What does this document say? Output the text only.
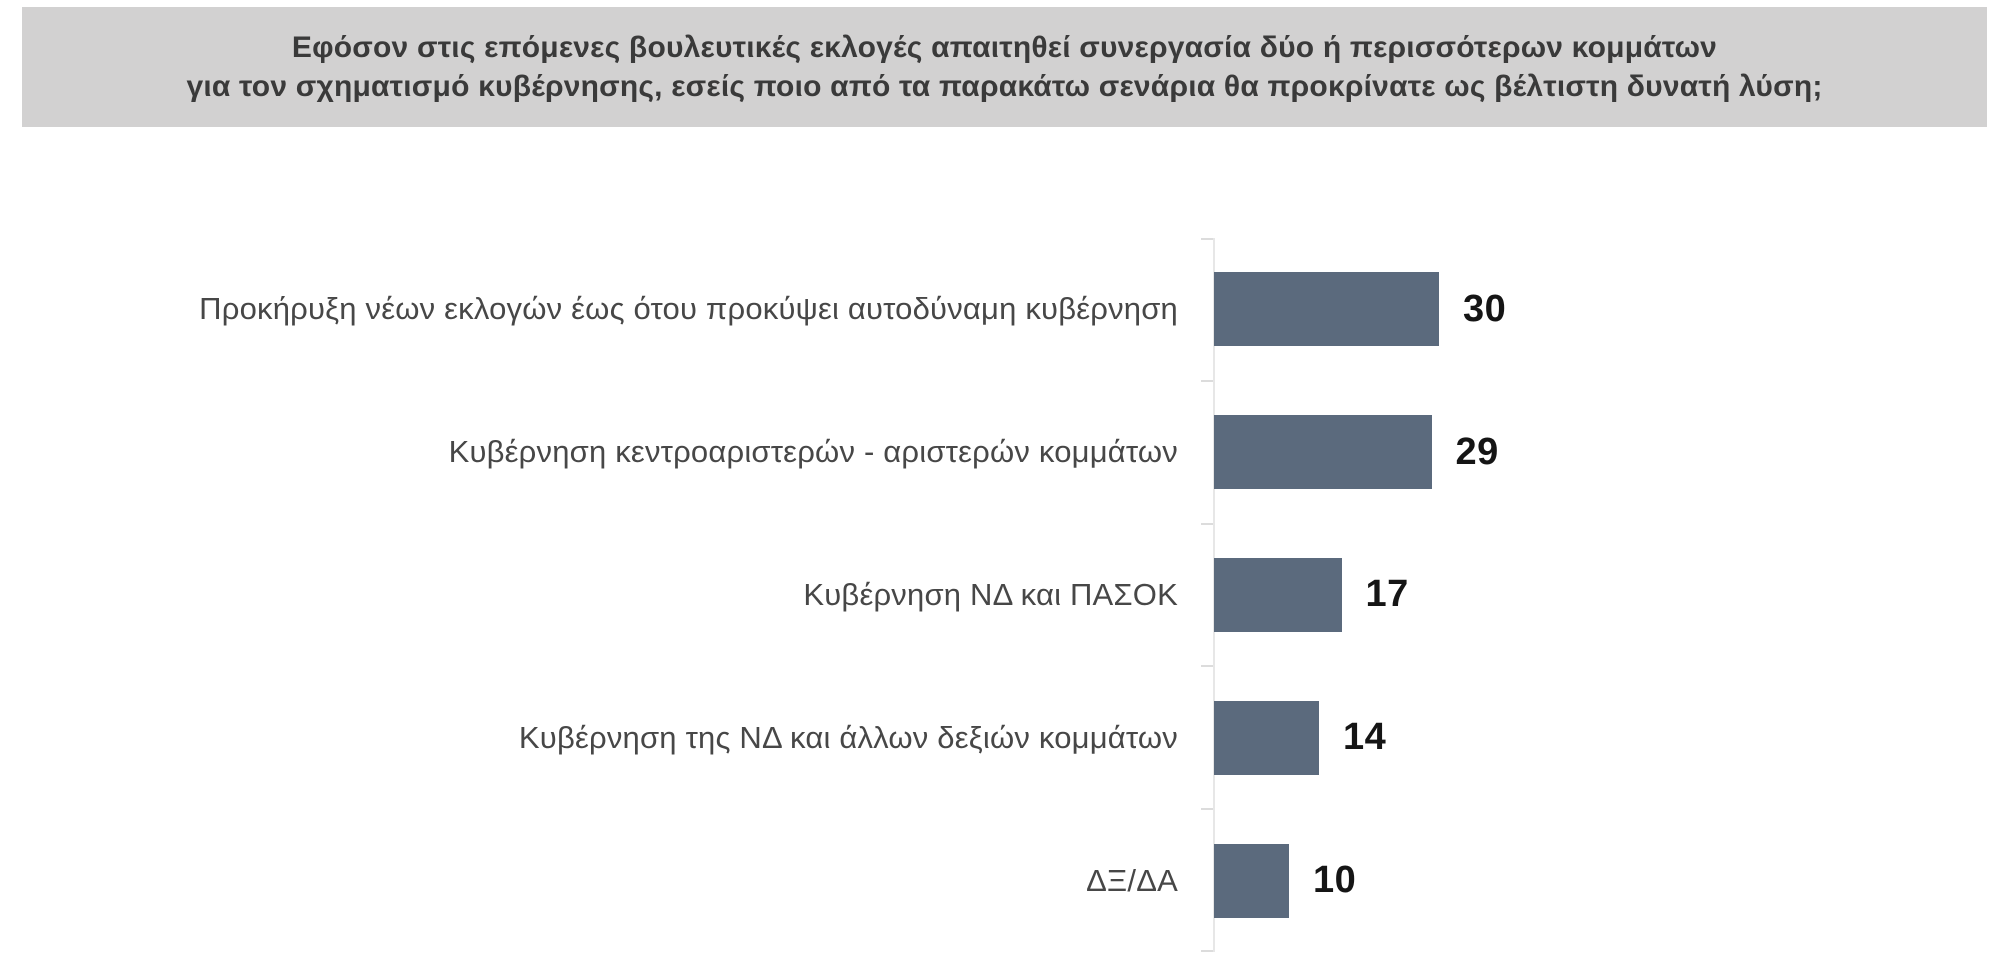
Εφόσον στις επόμενες βουλευτικές εκλογές απαιτηθεί συνεργασία δύο ή περισσότερων κομμάτων
για τον σχηματισμό κυβέρνησης, εσείς ποιο από τα παρακάτω σενάρια θα προκρίνατε ως βέλτιστη δυνατή λύση;
Προκήρυξη νέων εκλογών έως ότου προκύψει αυτοδύναμη κυβέρνηση	30
Κυβέρνηση κεντροαριστερών - αριστερών κομμάτων	29
Κυβέρνηση ΝΔ και ΠΑΣΟΚ	17
Κυβέρνηση της ΝΔ και άλλων δεξιών κομμάτων	14
ΔΞ/ΔΑ	10
